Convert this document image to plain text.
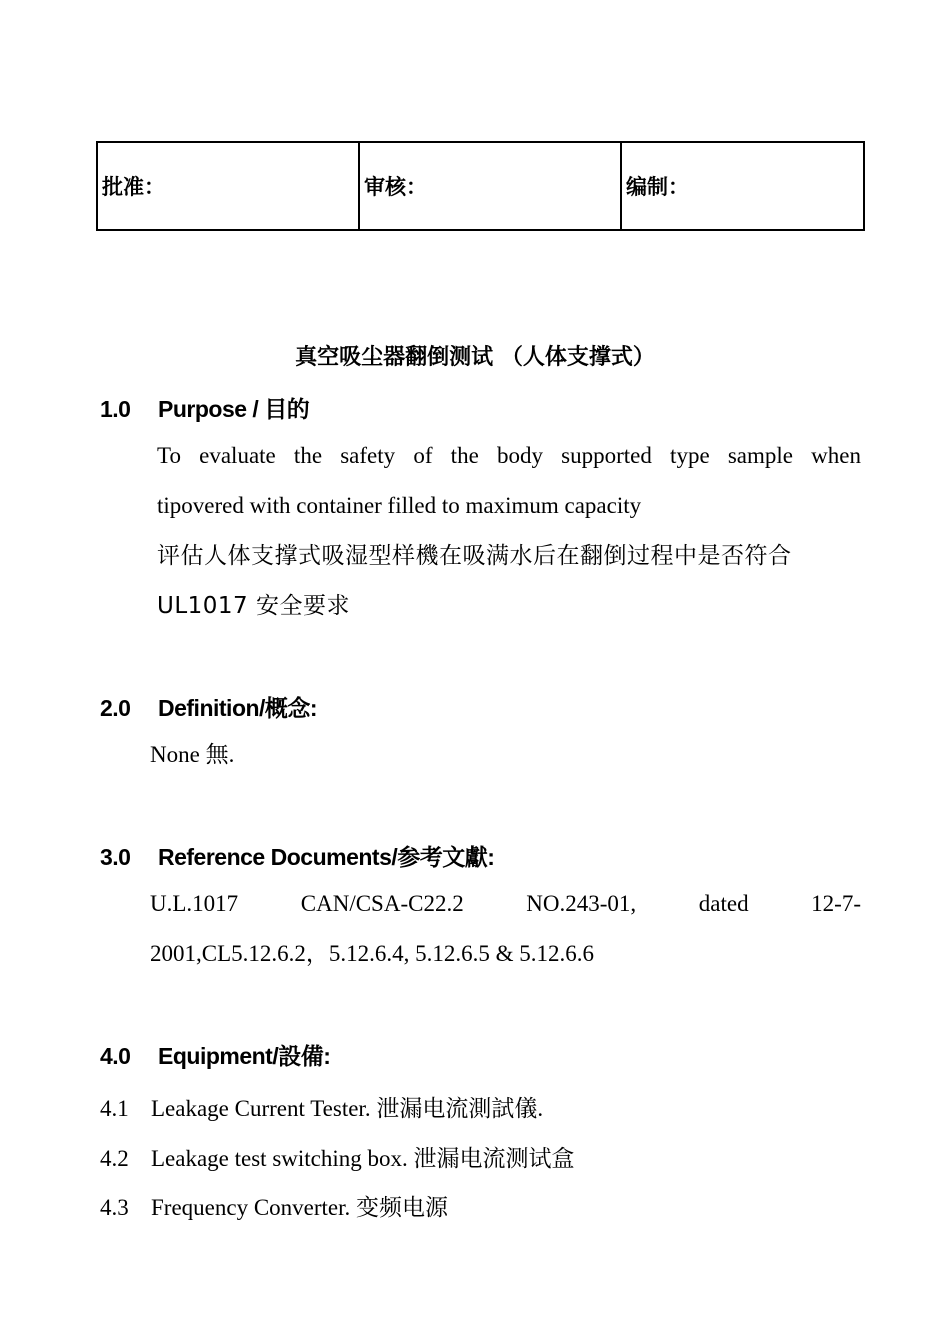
批准：	审核：	编制：
真空吸尘器翻倒测试 （人体支撑式）
1.0 Purpose / 目的
To evaluate the safety of the body supported type sample when
tipovered with container filled to maximum capacity
评估人体支撑式吸湿型样機在吸满水后在翻倒过程中是否符合
UL1017 安全要求
2.0 Definition/概念:
None 無.
3.0 Reference Documents/参考文獻:
U.L.1017 CAN/CSA-C22.2 NO.243-01, dated 12-7-
2001,CL5.12.6.2，5.12.6.4, 5.12.6.5 & 5.12.6.6
4.0 Equipment/設備:
4.1 Leakage Current Tester. 泄漏电流測試儀.
4.2 Leakage test switching box. 泄漏电流测试盒
4.3 Frequency Converter. 变频电源
